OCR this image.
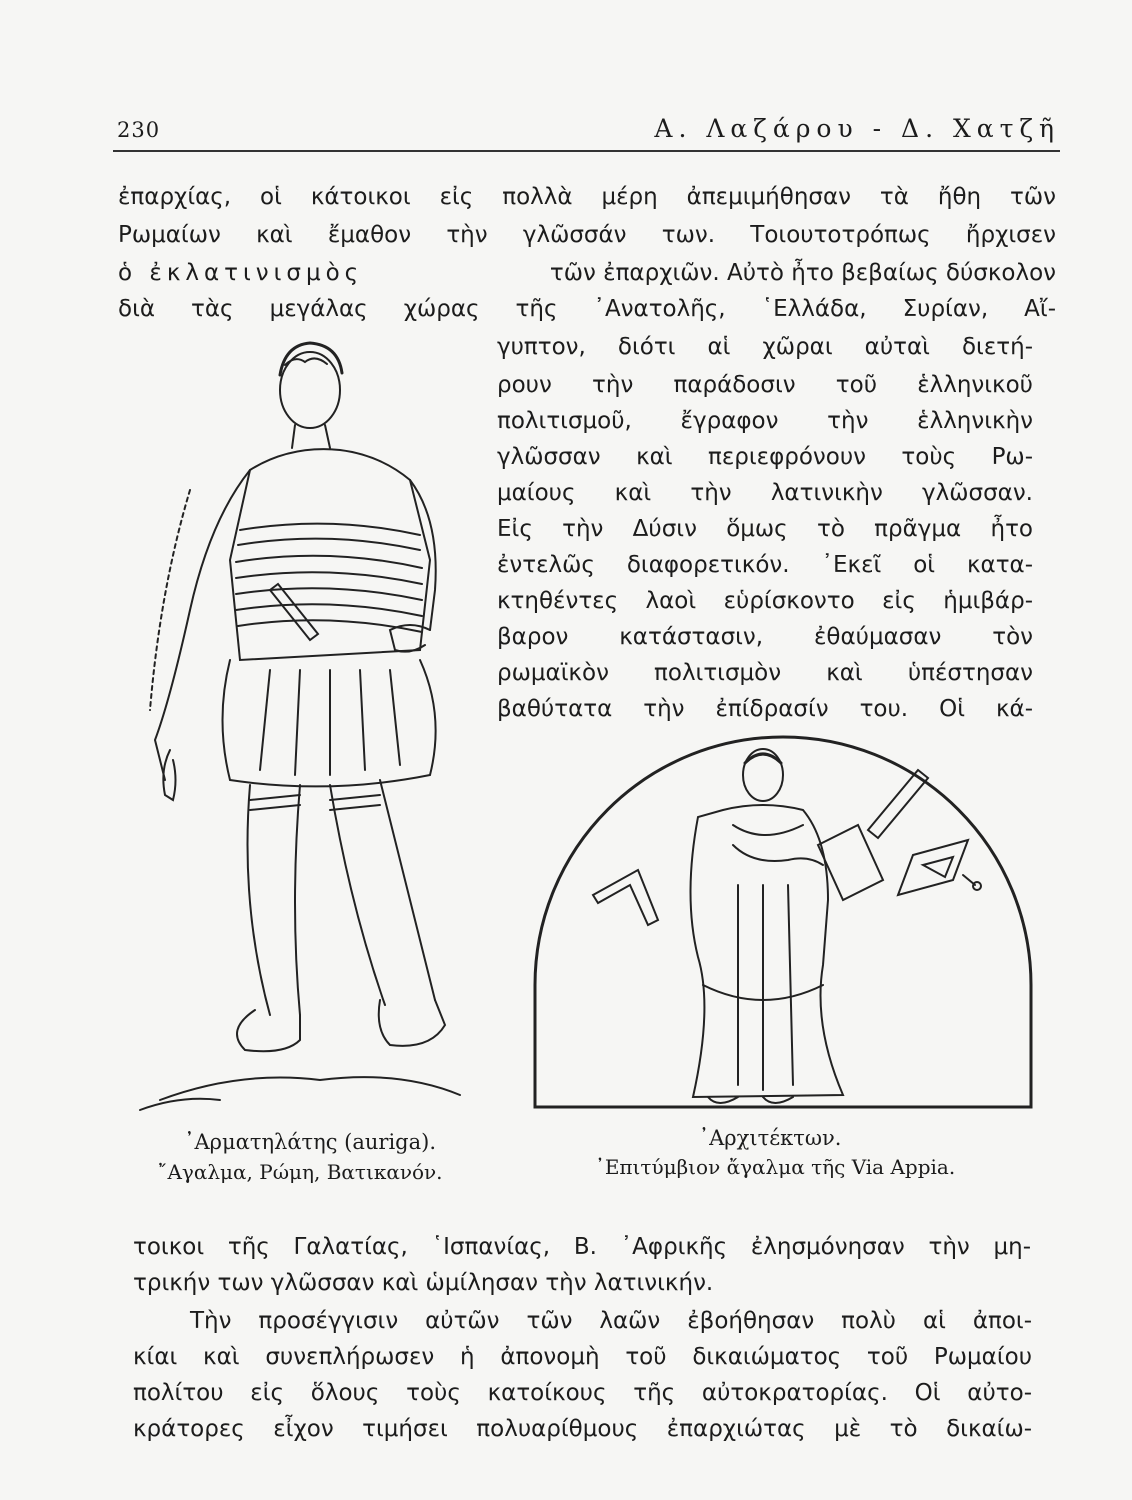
230	Α. Λαζάρου - Δ. Χατζῆ
ἐπαρχίας, οἱ κάτοικοι εἰς πολλὰ μέρη ἀπεμιμήθησαν τὰ ἤθη τῶν
Ρωμαίων καὶ ἔμαθον τὴν γλῶσσάν των. Τοιουτοτρόπως ἤρχισεν
ὁ ἐκλατινισμὸς	τῶν ἐπαρχιῶν. Αὐτὸ ἦτο βεβαίως δύσκολον
διὰ τὰς μεγάλας χώρας τῆς ᾿Ανατολῆς, ῾Ελλάδα, Συρίαν, Αἴ-
γυπτον, διότι αἱ χῶραι αὐταὶ διετή-
ρουν τὴν παράδοσιν τοῦ ἑλληνικοῦ
πολιτισμοῦ, ἔγραφον τὴν ἑλληνικὴν
γλῶσσαν καὶ περιεφρόνουν τοὺς Ρω-
μαίους καὶ τὴν λατινικὴν γλῶσσαν.
Εἰς τὴν Δύσιν ὅμως τὸ πρᾶγμα ἦτο
ἐντελῶς διαφορετικόν. ᾿Εκεῖ οἱ κατα-
κτηθέντες λαοὶ εὑρίσκοντο εἰς ἡμιβάρ-
βαρον κατάστασιν, ἐθαύμασαν τὸν
ρωμαϊκὸν πολιτισμὸν καὶ ὑπέστησαν
βαθύτατα τὴν ἐπίδρασίν του. Οἱ κά-
᾿Αρματηλάτης (auriga).
῎Αγαλμα, Ρώμη, Βατικανόν.
᾿Αρχιτέκτων.
᾿Επιτύμβιον ἄγαλμα τῆς Via Appia.
τοικοι τῆς Γαλατίας, ῾Ισπανίας, Β. ᾿Αφρικῆς ἐλησμόνησαν τὴν μη-
τρικήν των γλῶσσαν καὶ ὡμίλησαν τὴν λατινικήν.
Τὴν προσέγγισιν αὐτῶν τῶν λαῶν ἐβοήθησαν πολὺ αἱ ἀποι-
κίαι καὶ συνεπλήρωσεν ἡ ἀπονομὴ τοῦ δικαιώματος τοῦ Ρωμαίου
πολίτου εἰς ὅλους τοὺς κατοίκους τῆς αὐτοκρατορίας. Οἱ αὐτο-
κράτορες εἶχον τιμήσει πολυαρίθμους ἐπαρχιώτας μὲ τὸ δικαίω-
